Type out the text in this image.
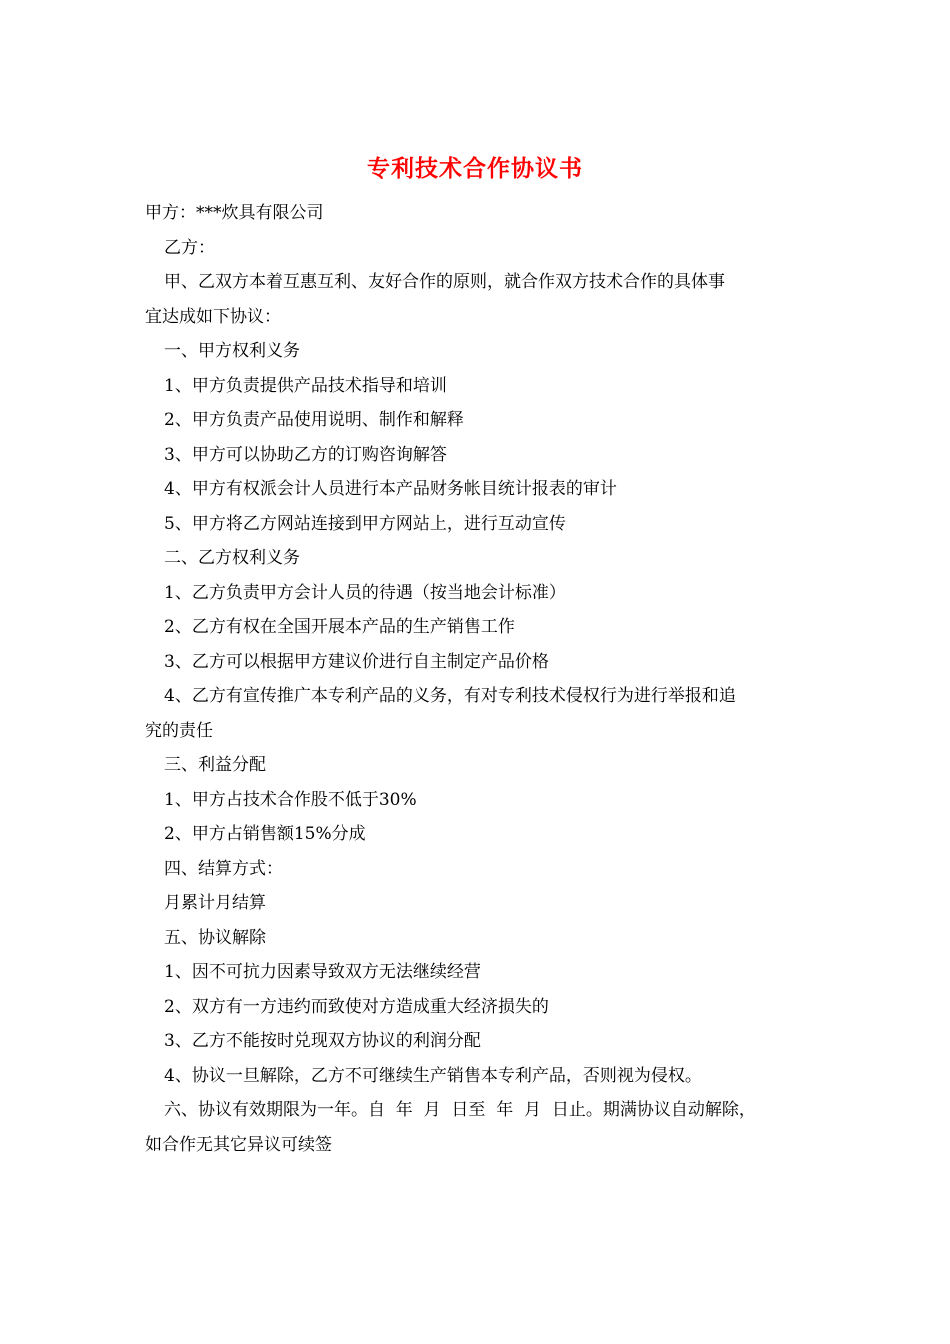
专利技术合作协议书
甲方：***炊具有限公司
乙方：
甲、乙双方本着互惠互利、友好合作的原则，就合作双方技术合作的具体事
宜达成如下协议：
一、甲方权利义务
1、甲方负责提供产品技术指导和培训
2、甲方负责产品使用说明、制作和解释
3、甲方可以协助乙方的订购咨询解答
4、甲方有权派会计人员进行本产品财务帐目统计报表的审计
5、甲方将乙方网站连接到甲方网站上，进行互动宣传
二、乙方权利义务
1、乙方负责甲方会计人员的待遇（按当地会计标准）
2、乙方有权在全国开展本产品的生产销售工作
3、乙方可以根据甲方建议价进行自主制定产品价格
4、乙方有宣传推广本专利产品的义务，有对专利技术侵权行为进行举报和追
究的责任
三、利益分配
1、甲方占技术合作股不低于30%
2、甲方占销售额15%分成
四、结算方式：
月累计月结算
五、协议解除
1、因不可抗力因素导致双方无法继续经营
2、双方有一方违约而致使对方造成重大经济损失的
3、乙方不能按时兑现双方协议的利润分配
4、协议一旦解除，乙方不可继续生产销售本专利产品，否则视为侵权。
六、协议有效期限为一年。自  年  月  日至  年  月  日止。期满协议自动解除，
如合作无其它异议可续签
